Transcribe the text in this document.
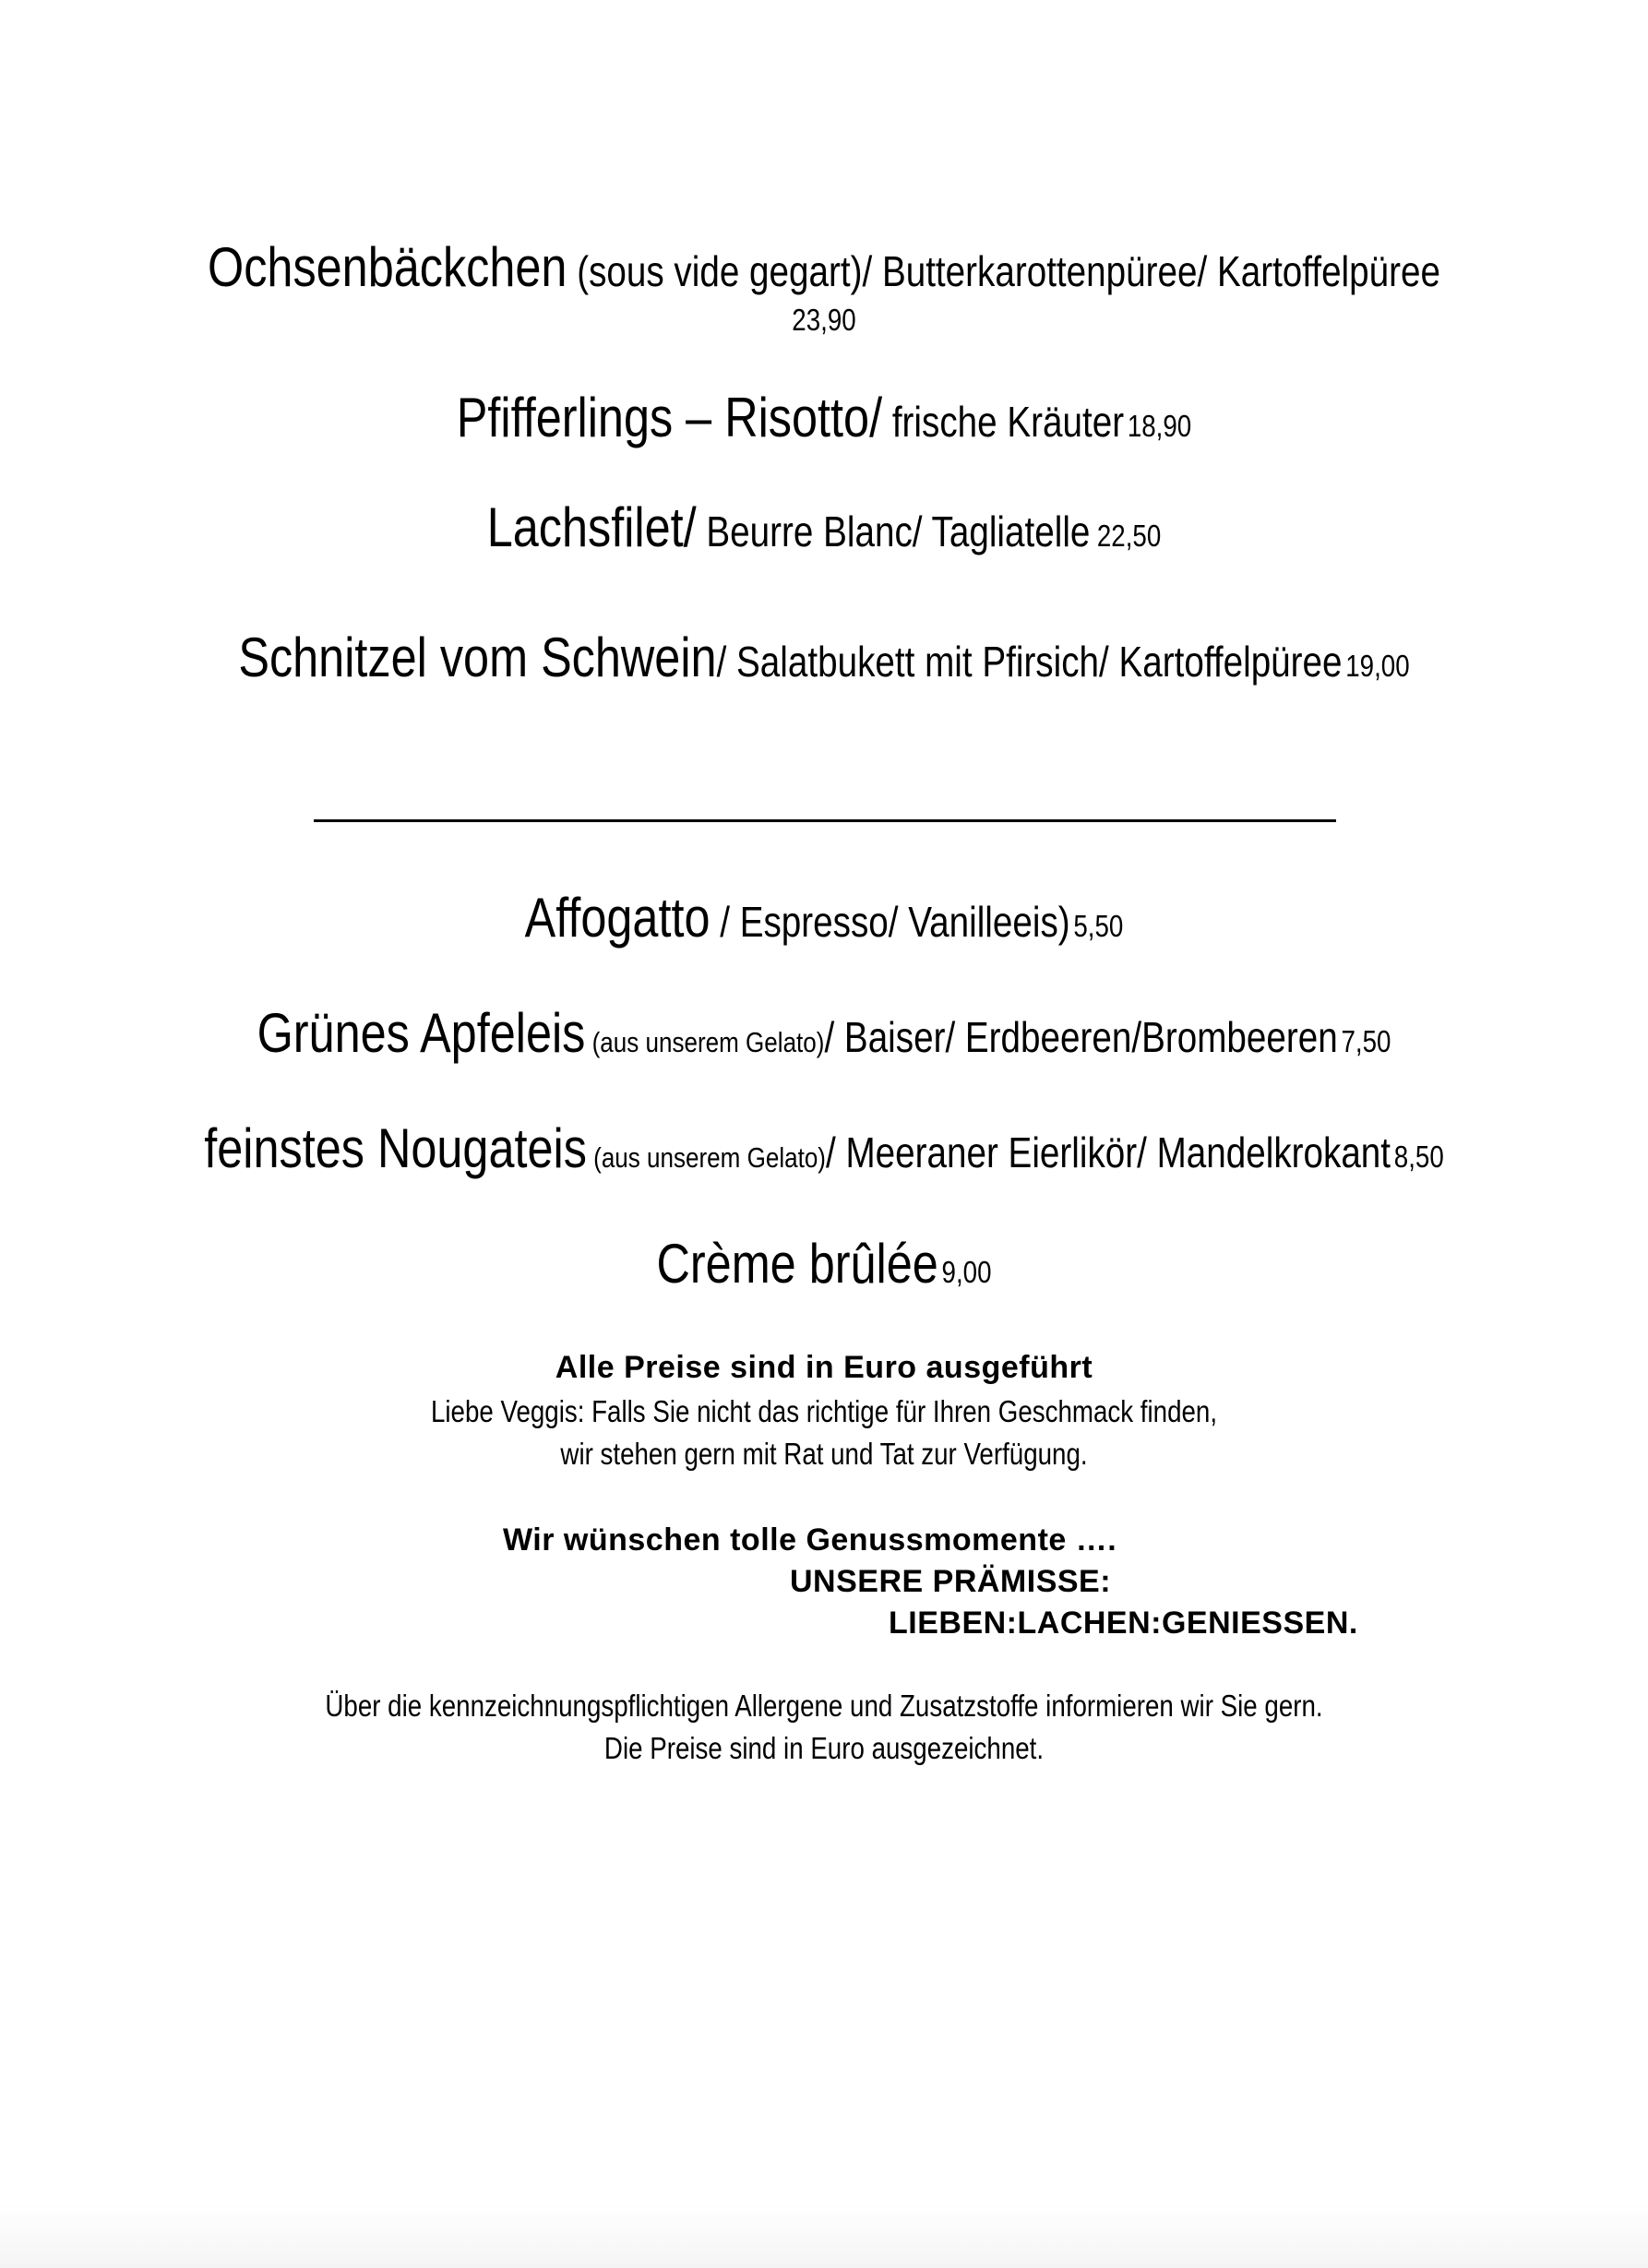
Ochsenbäckchen (sous vide gegart)/ Butterkarottenpüree/ Kartoffelpüree
23,90
Pfifferlings – Risotto/ frische Kräuter 18,90
Lachsfilet/ Beurre Blanc/ Tagliatelle 22,50
Schnitzel vom Schwein/ Salatbukett mit Pfirsich/ Kartoffelpüree 19,00
Affogatto / Espresso/ Vanilleeis) 5,50
Grünes Apfeleis (aus unserem Gelato)/ Baiser/ Erdbeeren/Brombeeren 7,50
feinstes Nougateis (aus unserem Gelato)/ Meeraner Eierlikör/ Mandelkrokant 8,50
Crème brûlée 9,00
Alle Preise sind in Euro ausgeführt
Liebe Veggis: Falls Sie nicht das richtige für Ihren Geschmack finden,
wir stehen gern mit Rat und Tat zur Verfügung.
Wir wünschen tolle Genussmomente ….
UNSERE PRÄMISSE:
LIEBEN:LACHEN:GENIESSEN.
Über die kennzeichnungspflichtigen Allergene und Zusatzstoffe informieren wir Sie gern.
Die Preise sind in Euro ausgezeichnet.
